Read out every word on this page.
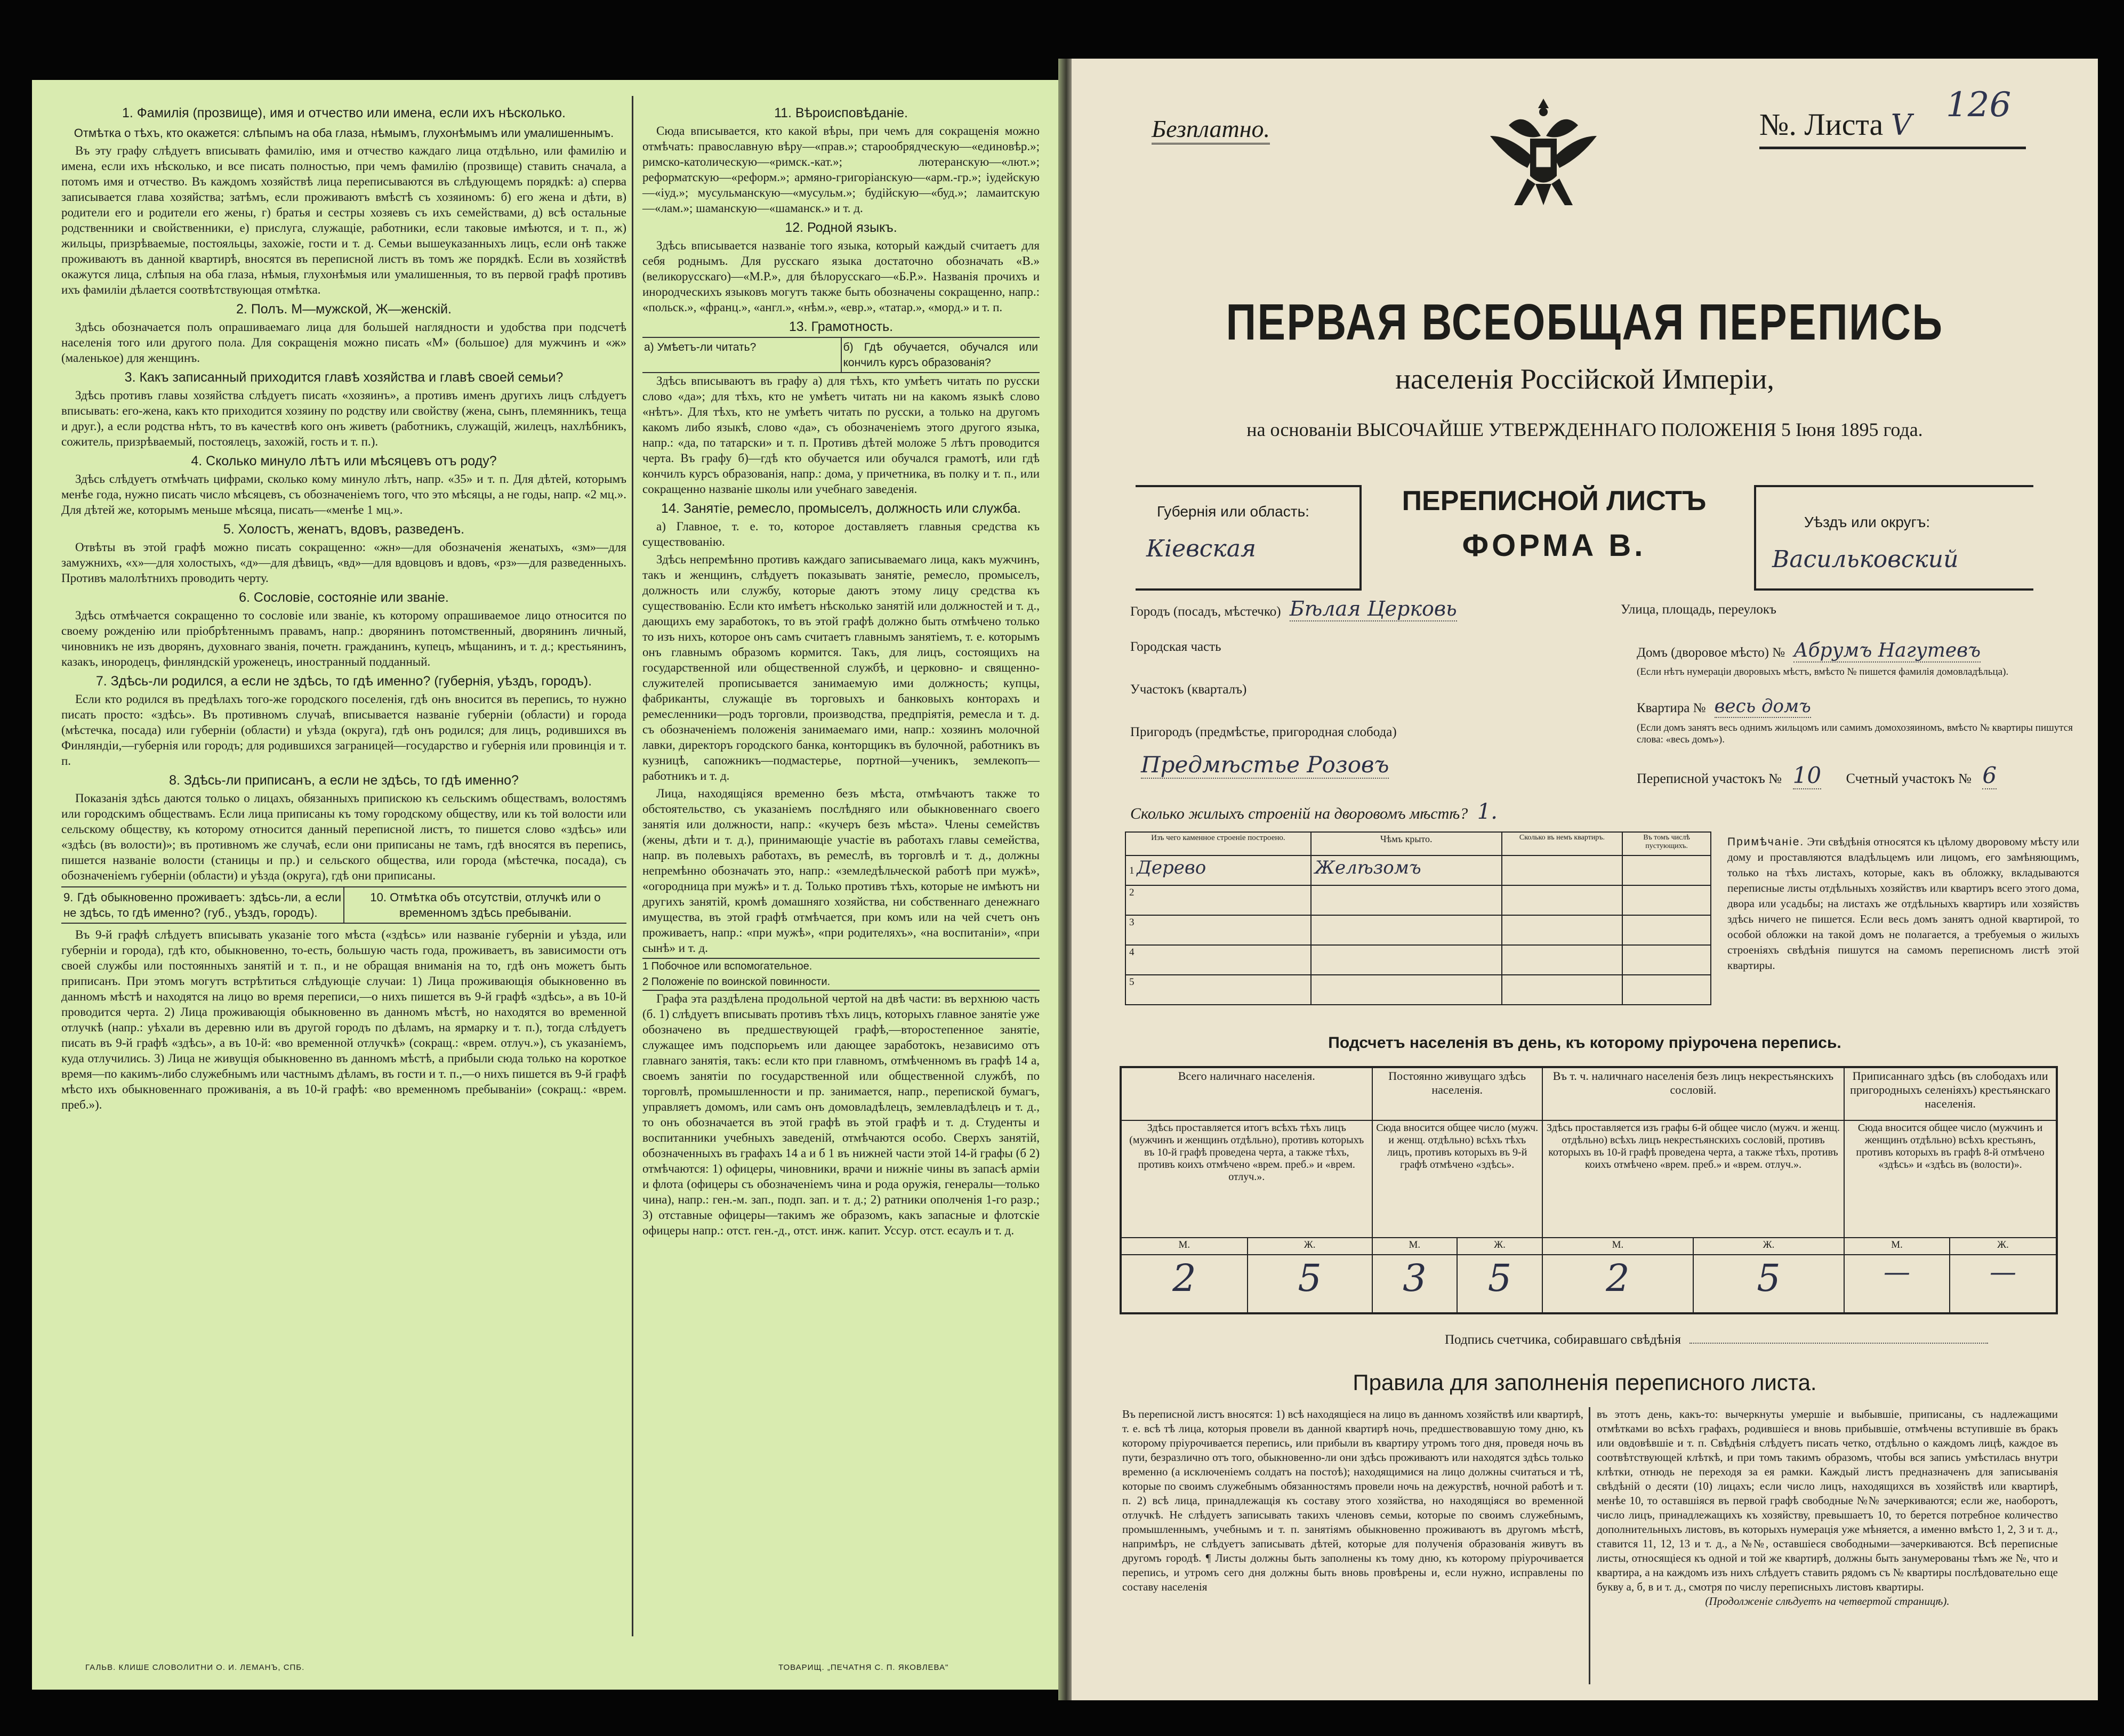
1. Фамилія (прозвище), имя и отчество или имена, если ихъ нѣсколько.
Отмѣтка о тѣхъ, кто окажется: слѣпымъ на оба глаза, нѣмымъ, глухонѣмымъ или умалишеннымъ.

Въ эту графу слѣдуетъ вписывать фамилію, имя и отчество каждаго лица отдѣльно, или фамилію и имена, если ихъ нѣсколько, и все писать полностью, при чемъ фамилію (прозвище) ставить сначала, а потомъ имя и отчество. Въ каждомъ хозяйствѣ лица переписываются въ слѣдующемъ порядкѣ: а) сперва записывается глава хозяйства; затѣмъ, если проживаютъ вмѣстѣ съ хозяиномъ: б) его жена и дѣти, в) родители его и родители его жены, г) братья и сестры хозяевъ съ ихъ семействами, д) всѣ остальные родственники и свойственники, е) прислуга, служащіе, работники, если таковые имѣются, и т. п., ж) жильцы, призрѣваемые, постояльцы, захожіе, гости и т. д. Семьи вышеуказанныхъ лицъ, если онѣ также проживаютъ въ данной квартирѣ, вносятся въ переписной листъ въ томъ же порядкѣ. Если въ хозяйствѣ окажутся лица, слѣпыя на оба глаза, нѣмыя, глухонѣмыя или умалишенныя, то въ первой графѣ противъ ихъ фамиліи дѣлается соотвѣтствующая отмѣтка.

2. Полъ. М—мужской, Ж—женскій.

Здѣсь обозначается полъ опрашиваемаго лица для большей наглядности и удобства при подсчетѣ населенія того или другого пола. Для сокращенія можно писать «М» (большое) для мужчинъ и «ж» (маленькое) для женщинъ.

3. Какъ записанный приходится главѣ хозяйства и главѣ своей семьи?

Здѣсь противъ главы хозяйства слѣдуетъ писать «хозяинъ», а противъ именъ другихъ лицъ слѣдуетъ вписывать: его-жена, какъ кто приходится хозяину по родству или свойству (жена, сынъ, племянникъ, теща и друг.), а если родства нѣтъ, то въ качествѣ кого онъ живетъ (работникъ, служащій, жилецъ, нахлѣбникъ, сожитель, призрѣваемый, постоялецъ, захожій, гость и т. п.).

4. Сколько минуло лѣтъ или мѣсяцевъ отъ роду?

Здѣсь слѣдуетъ отмѣчать цифрами, сколько кому минуло лѣтъ, напр. «35» и т. п. Для дѣтей, которымъ менѣе года, нужно писать число мѣсяцевъ, съ обозначеніемъ того, что это мѣсяцы, а не годы, напр. «2 мц.». Для дѣтей же, которымъ меньше мѣсяца, писать—«менѣе 1 мц.».

5. Холостъ, женатъ, вдовъ, разведенъ.

Отвѣты въ этой графѣ можно писать сокращенно: «жн»—для обозначенія женатыхъ, «зм»—для замужнихъ, «х»—для холостыхъ, «д»—для дѣвицъ, «вд»—для вдовцовъ и вдовъ, «рз»—для разведенныхъ. Противъ малолѣтнихъ проводить черту.

6. Сословіе, состояніе или званіе.

Здѣсь отмѣчается сокращенно то сословіе или званіе, къ которому опрашиваемое лицо относится по своему рожденію или пріобрѣтеннымъ правамъ, напр.: дворянинъ потомственный, дворянинъ личный, чиновникъ не изъ дворянъ, духовнаго званія, почетн. гражданинъ, купецъ, мѣщанинъ, и т. д.; крестьянинъ, казакъ, инородецъ, финляндскій уроженецъ, иностранный подданный.

7. Здѣсь-ли родился, а если не здѣсь, то гдѣ именно? (губернія, уѣздъ, городъ).

Если кто родился въ предѣлахъ того-же городского поселенія, гдѣ онъ вносится въ перепись, то нужно писать просто: «здѣсь». Въ противномъ случаѣ, вписывается названіе губерніи (области) и города (мѣстечка, посада) или губерніи (области) и уѣзда (округа), гдѣ онъ родился; для лицъ, родившихся въ Финляндіи,—губернія или городъ; для родившихся заграницей—государство и губернія или провинція и т. п.

8. Здѣсь-ли приписанъ, а если не здѣсь, то гдѣ именно?

Показанія здѣсь даются только о лицахъ, обязанныхъ припискою къ сельскимъ обществамъ, волостямъ или городскимъ обществамъ. Если лица приписаны къ тому городскому обществу, или къ той волости или сельскому обществу, къ которому относится данный переписной листъ, то пишется слово «здѣсь» или «здѣсь (въ волости)»; въ противномъ же случаѣ, если они приписаны не тамъ, гдѣ вносятся въ перепись, пишется названіе волости (станицы и пр.) и сельского общества, или города (мѣстечка, посада), съ обозначеніемъ губерніи (области) и уѣзда (округа), гдѣ они приписаны.

9. Гдѣ обыкновенно проживаетъ: здѣсь-ли, а если не здѣсь, то гдѣ именно? (губ., уѣздъ, городъ).
10. Отмѣтка объ отсутствіи, отлучкѣ или о временномъ здѣсь пребываніи.

Въ 9-й графѣ слѣдуетъ вписывать указаніе того мѣста («здѣсь» или названіе губерніи и уѣзда, или губерніи и города), гдѣ кто, обыкновенно, то-есть, большую часть года, проживаетъ, въ зависимости отъ своей службы или постоянныхъ занятій и т. п., и не обращая вниманія на то, гдѣ онъ можетъ быть приписанъ. При этомъ могутъ встрѣтиться слѣдующіе случаи: 1) Лица проживающія обыкновенно въ данномъ мѣстѣ и находятся на лицо во время переписи,—о нихъ пишется въ 9-й графѣ «здѣсь», а въ 10-й проводится черта. 2) Лица проживающія обыкновенно въ данномъ мѣстѣ, но находятся во временной отлучкѣ (напр.: уѣхали въ деревню или въ другой городъ по дѣламъ, на ярмарку и т. п.), тогда слѣдуетъ писать въ 9-й графѣ «здѣсь», а въ 10-й: «во временной отлучкѣ» (сокращ.: «врем. отлуч.»), съ указаніемъ, куда отлучились. 3) Лица не живущія обыкновенно въ данномъ мѣстѣ, а прибыли сюда только на короткое время—по какимъ-либо служебнымъ или частнымъ дѣламъ, въ гости и т. п.,—о нихъ пишется въ 9-й графѣ мѣсто ихъ обыкновеннаго проживанія, а въ 10-й графѣ: «во временномъ пребываніи» (сокращ.: «врем. преб.»).

11. Вѣроисповѣданіе.

Сюда вписывается, кто какой вѣры, при чемъ для сокращенія можно отмѣчать: православную вѣру—«прав.»; старообрядческую—«единовѣр.»; римско-католическую—«римск.-кат.»; лютеранскую—«лют.»; реформатскую—«реформ.»; армяно-григоріанскую—«арм.-гр.»; іудейскую—«іуд.»; мусульманскую—«мусульм.»; будійскую—«буд.»; ламаитскую—«лам.»; шаманскую—«шаманск.» и т. д.

12. Родной языкъ.

Здѣсь вписывается названіе того языка, который каждый считаетъ для себя роднымъ. Для русскаго языка достаточно обозначать «В.» (великорусскаго)—«М.Р.», для бѣлорусскаго—«Б.Р.». Названія прочихъ и инородческихъ языковъ могутъ также быть обозначены сокращенно, напр.: «польск.», «франц.», «англ.», «нѣм.», «евр.», «татар.», «морд.» и т. п.

13. Грамотность.
а) Умѣетъ-ли читать?	б) Гдѣ обучается, обучался или кончилъ курсъ образованія?

Здѣсь вписываютъ въ графу а) для тѣхъ, кто умѣетъ читать по русски слово «да»; для тѣхъ, кто не умѣетъ читать ни на какомъ языкѣ слово «нѣтъ». Для тѣхъ, кто не умѣетъ читать по русски, а только на другомъ какомъ либо языкѣ, слово «да», съ обозначеніемъ этого другого языка, напр.: «да, по татарски» и т. п. Противъ дѣтей моложе 5 лѣтъ проводится черта. Въ графу б)—гдѣ кто обучается или обучался грамотѣ, или гдѣ кончилъ курсъ образованія, напр.: дома, у причетника, въ полку и т. п., или сокращенно названіе школы или учебнаго заведенія.

14. Занятіе, ремесло, промыселъ, должность или служба.

а) Главное, т. е. то, которое доставляетъ главныя средства къ существованію.

Здѣсь непремѣнно противъ каждаго записываемаго лица, какъ мужчинъ, такъ и женщинъ, слѣдуетъ показывать занятіе, ремесло, промыселъ, должность или службу, которые даютъ этому лицу средства къ существованію. Если кто имѣетъ нѣсколько занятій или должностей и т. д., дающихъ ему заработокъ, то въ этой графѣ должно быть отмѣчено только то изъ нихъ, которое онъ самъ считаетъ главнымъ занятіемъ, т. е. которымъ онъ главнымъ образомъ кормится. Такъ, для лицъ, состоящихъ на государственной или общественной службѣ, и церковно- и священно-служителей прописывается занимаемую ими должность; купцы, фабриканты, служащіе въ торговыхъ и банковыхъ конторахъ и ремесленники—родъ торговли, производства, предпріятія, ремесла и т. д. съ обозначеніемъ положенія занимаемаго ими, напр.: хозяинъ молочной лавки, директоръ городского банка, конторщикъ въ булочной, работникъ въ кузницѣ, сапожникъ—подмастерье, портной—ученикъ, землекопъ—работникъ и т. д.

Лица, находящіяся временно безъ мѣста, отмѣчаютъ также то обстоятельство, съ указаніемъ послѣдняго или обыкновеннаго своего занятія или должности, напр.: «кучеръ безъ мѣста». Члены семействъ (жены, дѣти и т. д.), принимающіе участіе въ работахъ главы семейства, напр. въ полевыхъ работахъ, въ ремеслѣ, въ торговлѣ и т. д., должны непремѣнно обозначать это, напр.: «земледѣльческой работѣ при мужѣ», «огородница при мужѣ» и т. д. Только противъ тѣхъ, которые не имѣютъ ни другихъ занятій, кромѣ домашняго хозяйства, ни собственнаго денежнаго имущества, въ этой графѣ отмѣчается, при комъ или на чей счетъ онъ проживаетъ, напр.: «при мужѣ», «при родителяхъ», «на воспитаніи», «при сынѣ» и т. д.

1 Побочное или вспомогательное.
2 Положеніе по воинской повинности.

Графа эта раздѣлена продольной чертой на двѣ части: въ верхнюю часть (б. 1) слѣдуетъ вписывать противъ тѣхъ лицъ, которыхъ главное занятіе уже обозначено въ предшествующей графѣ,—второстепенное занятіе, служащее имъ подспорьемъ или дающее заработокъ, независимо отъ главнаго занятія, такъ: если кто при главномъ, отмѣченномъ въ графѣ 14 а, своемъ занятіи по государственной или общественной службѣ, по торговлѣ, промышленности и пр. занимается, напр., перепиской бумагъ, управляетъ домомъ, или самъ онъ домовладѣлецъ, землевладѣлецъ и т. д., то онъ обозначается въ этой графѣ въ этой графѣ и т. д. Студенты и воспитанники учебныхъ заведеній, отмѣчаются особо. Сверхъ занятій, обозначенныхъ въ графахъ 14 а и б 1 въ нижней части этой 14-й графы (б 2) отмѣчаются: 1) офицеры, чиновники, врачи и нижніе чины въ запасѣ арміи и флота (офицеры съ обозначеніемъ чина и рода оружія, генералы—только чина), напр.: ген.-м. зап., подп. зап. и т. д.; 2) ратники ополченія 1-го разр.; 3) отставные офицеры—такимъ же образомъ, какъ запасные и флотскіе офицеры напр.: отст. ген.-д., отст. инж. капит. Уссур. отст. есаулъ и т. д.

ГАЛЬВ. КЛИШЕ СЛОВОЛИТНИ О. И. ЛЕМАНЪ, СПБ.	ТОВАРИЩ. „ПЕЧАТНЯ С. П. ЯКОВЛЕВА"
Безплатно.	№. Листа V
126
ПЕРВАЯ ВСЕОБЩАЯ ПЕРЕПИСЬ
населенія Россійской Имперіи,
на основаніи ВЫСОЧАЙШЕ УТВЕРЖДЕННАГО ПОЛОЖЕНІЯ 5 Іюня 1895 года.
Губернія или область:
Кіевская
ПЕРЕПИСНОЙ ЛИСТЪ
ФОРМА В.
Уѣздъ или округъ:
Васильковский
Городъ (посадъ, мѣстечко) Бѣлая Церковь	Улица, площадь, переулокъ
Городская часть	Домъ (дворовое мѣсто) № Абрумъ Нагутевъ
(Если нѣтъ нумераціи дворовыхъ мѣстъ, вмѣсто № пишется фамилія домовладѣльца).
Участокъ (кварталъ)
Квартира № весь домъ
(Если домъ занятъ весь однимъ жильцомъ или самимъ домохозяиномъ, вмѣсто № квартиры пишутся слова: «весь домъ»).
Пригородъ (предмѣстье, пригородная слобода)
Предмѣстье Розовъ
Переписной участокъ № 10 Счетный участокъ № 6
Сколько жилыхъ строеній на дворовомъ мѣстѣ? 1.
Изъ чего каменное строеніе построено.	Чѣмъ крыто.	Сколько въ немъ квартиръ.	Въ томъ числѣ пустующихъ.
1 Дерево	Желѣзомъ		
2			
3			
4			
5			
Примѣчаніе. Эти свѣдѣнія относятся къ цѣлому дворовому мѣсту или дому и проставляются владѣльцемъ или лицомъ, его замѣняющимъ, только на тѣхъ листахъ, которые, какъ въ обложку, вкладываются переписные листы отдѣльныхъ хозяйствъ или квартиръ всего этого дома, двора или усадьбы; на листахъ же отдѣльныхъ квартиръ или хозяйствъ здѣсь ничего не пишется. Если весь домъ занятъ одной квартирой, то особой обложки на такой домъ не полагается, а требуемыя о жилыхъ строеніяхъ свѣдѣнія пишутся на самомъ переписномъ листѣ этой квартиры.
Подсчетъ населенія въ день, къ которому пріурочена перепись.
Всего наличнаго населенія.		Постоянно живущаго здѣсь населенія.		Въ т. ч. наличнаго населенія безъ лицъ некрестьянскихъ сословій.		Приписаннаго здѣсь (въ слободахъ или пригородныхъ селеніяхъ) крестьянскаго населенія.	
Здѣсь проставляется итогъ всѣхъ тѣхъ лицъ (мужчинъ и женщинъ отдѣльно), противъ которыхъ въ 10-й графѣ проведена черта, а также тѣхъ, противъ коихъ отмѣчено «врем. преб.» и «врем. отлуч.».		Сюда вносится общее число (мужч. и женщ. отдѣльно) всѣхъ тѣхъ лицъ, противъ которыхъ въ 9-й графѣ отмѣчено «здѣсь».		Здѣсь проставляется изъ графы 6-й общее число (мужч. и женщ. отдѣльно) всѣхъ лицъ некрестьянскихъ сословій, противъ которыхъ въ 10-й графѣ проведена черта, а также тѣхъ, противъ коихъ отмѣчено «врем. преб.» и «врем. отлуч.».		Сюда вносится общее число (мужчинъ и женщинъ отдѣльно) всѣхъ крестьянъ, противъ которыхъ въ графѣ 8-й отмѣчено «здѣсь» и «здѣсь въ (волости)».	
М.	Ж.	М.	Ж.	М.	Ж.	М.	Ж.
2	5	3	5	2	5	—	—
Подпись счетчика, собиравшаго свѣдѣнія
Правила для заполненія переписного листа.
Въ переписной листъ вносятся: 1) всѣ находящіеся на лицо въ данномъ хозяйствѣ или квартирѣ, т. е. всѣ тѣ лица, которыя провели въ данной квартирѣ ночь, предшествовавшую тому дню, къ которому пріурочивается перепись, или прибыли въ квартиру утромъ того дня, проведя ночь въ пути, безразлично отъ того, обыкновенно-ли они здѣсь проживаютъ или находятся здѣсь только временно (а исключеніемъ солдатъ на постоѣ); находящимися на лицо должны считаться и тѣ, которые по своимъ служебнымъ обязанностямъ провели ночь на дежурствѣ, ночной работѣ и т. п. 2) всѣ лица, принадлежащія къ составу этого хозяйства, но находящіяся во временной отлучкѣ. Не слѣдуетъ записывать такихъ членовъ семьи, которые по своимъ служебнымъ, промышленнымъ, учебнымъ и т. п. занятіямъ обыкновенно проживаютъ въ другомъ мѣстѣ, напримѣръ, не слѣдуетъ записывать дѣтей, которые для полученія образованія живутъ въ другомъ городѣ. ¶ Листы должны быть заполнены къ тому дню, къ которому пріурочивается перепись, и утромъ сего дня должны быть вновь провѣрены и, если нужно, исправлены по составу населенія
въ этотъ день, какъ-то: вычеркнуты умершіе и выбывшіе, приписаны, съ надлежащими отмѣтками во всѣхъ графахъ, родившіеся и вновь прибывшіе, отмѣчены вступившіе въ бракъ или овдовѣвшіе и т. п. Свѣдѣнія слѣдуетъ писать четко, отдѣльно о каждомъ лицѣ, каждое въ соотвѣтствующей клѣткѣ, и при томъ такимъ образомъ, чтобы вся запись умѣстилась внутри клѣтки, отнюдь не переходя за ея рамки. Каждый листъ предназначенъ для записыванія свѣдѣній о десяти (10) лицахъ; если число лицъ, находящихся въ хозяйствѣ или квартирѣ, менѣе 10, то оставшіяся въ первой графѣ свободные №№ зачеркиваются; если же, наоборотъ, число лицъ, принадлежащихъ къ хозяйству, превышаетъ 10, то берется потребное количество дополнительныхъ листовъ, въ которыхъ нумерація уже мѣняется, а именно вмѣсто 1, 2, 3 и т. д., ставится 11, 12, 13 и т. д., а №№, оставшіеся свободными—зачеркиваются. Всѣ переписные листы, относящіеся къ одной и той же квартирѣ, должны быть занумерованы тѣмъ же №, что и квартира, а на каждомъ изъ нихъ слѣдуетъ ставить рядомъ съ № квартиры послѣдовательно еще букву а, б, в и т. д., смотря по числу переписныхъ листовъ квартиры.
(Продолженіе слѣдуетъ на четвертой страницѣ).
